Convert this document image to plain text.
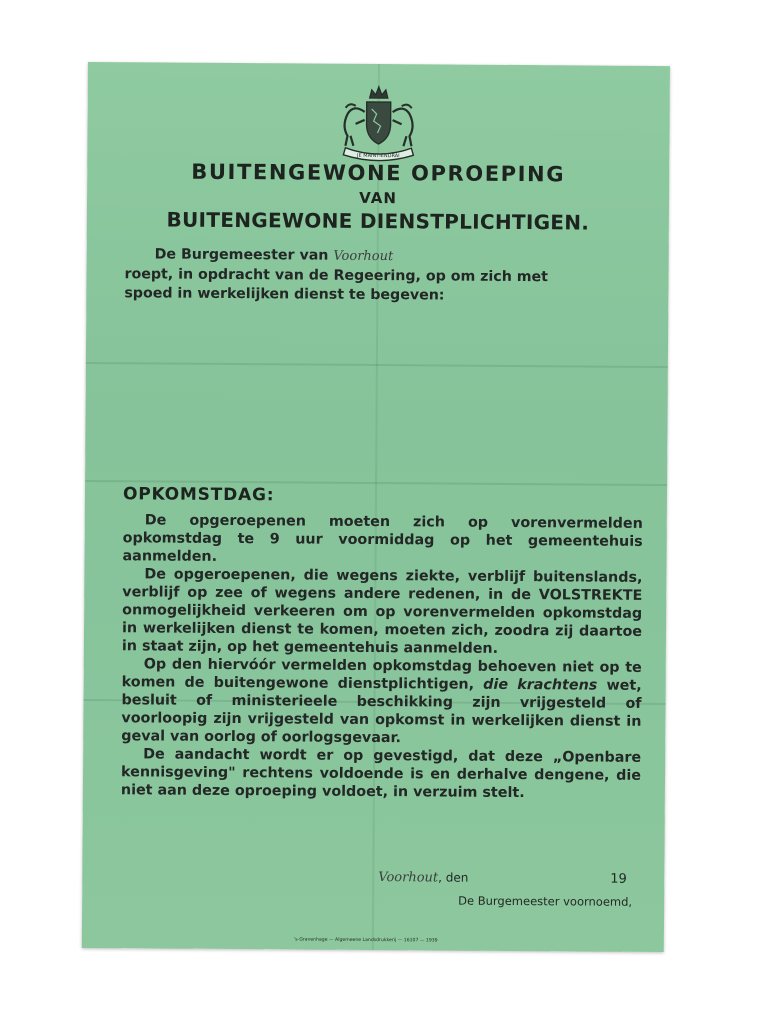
JE MAINTIENDRAI
BUITENGEWONE OPROEPING
VAN
BUITENGEWONE DIENSTPLICHTIGEN.
De Burgemeester van Voorhout
roept, in opdracht van de Regeering, op om zich met
spoed in werkelijken dienst te begeven:
OPKOMSTDAG:

De opgeroepenen moeten zich op vorenvermelden opkomstdag te 9 uur voormiddag op het gemeentehuis aanmelden.

De opgeroepenen, die wegens ziekte, verblijf buitenslands, verblijf op zee of wegens andere redenen, in de VOLSTREKTE onmogelijkheid verkeeren om op vorenvermelden opkomstdag in werkelijken dienst te komen, moeten zich, zoodra zij daartoe in staat zijn, op het gemeentehuis aanmelden.

Op den hiervóór vermelden opkomstdag behoeven niet op te komen de buitengewone dienstplichtigen, die krachtens wet, besluit of ministerieele beschikking zijn vrijgesteld of voorloopig zijn vrijgesteld van opkomst in werkelijken dienst in geval van oorlog of oorlogsgevaar.

De aandacht wordt er op gevestigd, dat deze „Openbare kennisgeving" rechtens voldoende is en derhalve dengene, die niet aan deze oproeping voldoet, in verzuim stelt.

Voorhout, den	19
De Burgemeester voornoemd,
's-Gravenhage — Algemeene Landsdrukkerij — 16107 — 1939
